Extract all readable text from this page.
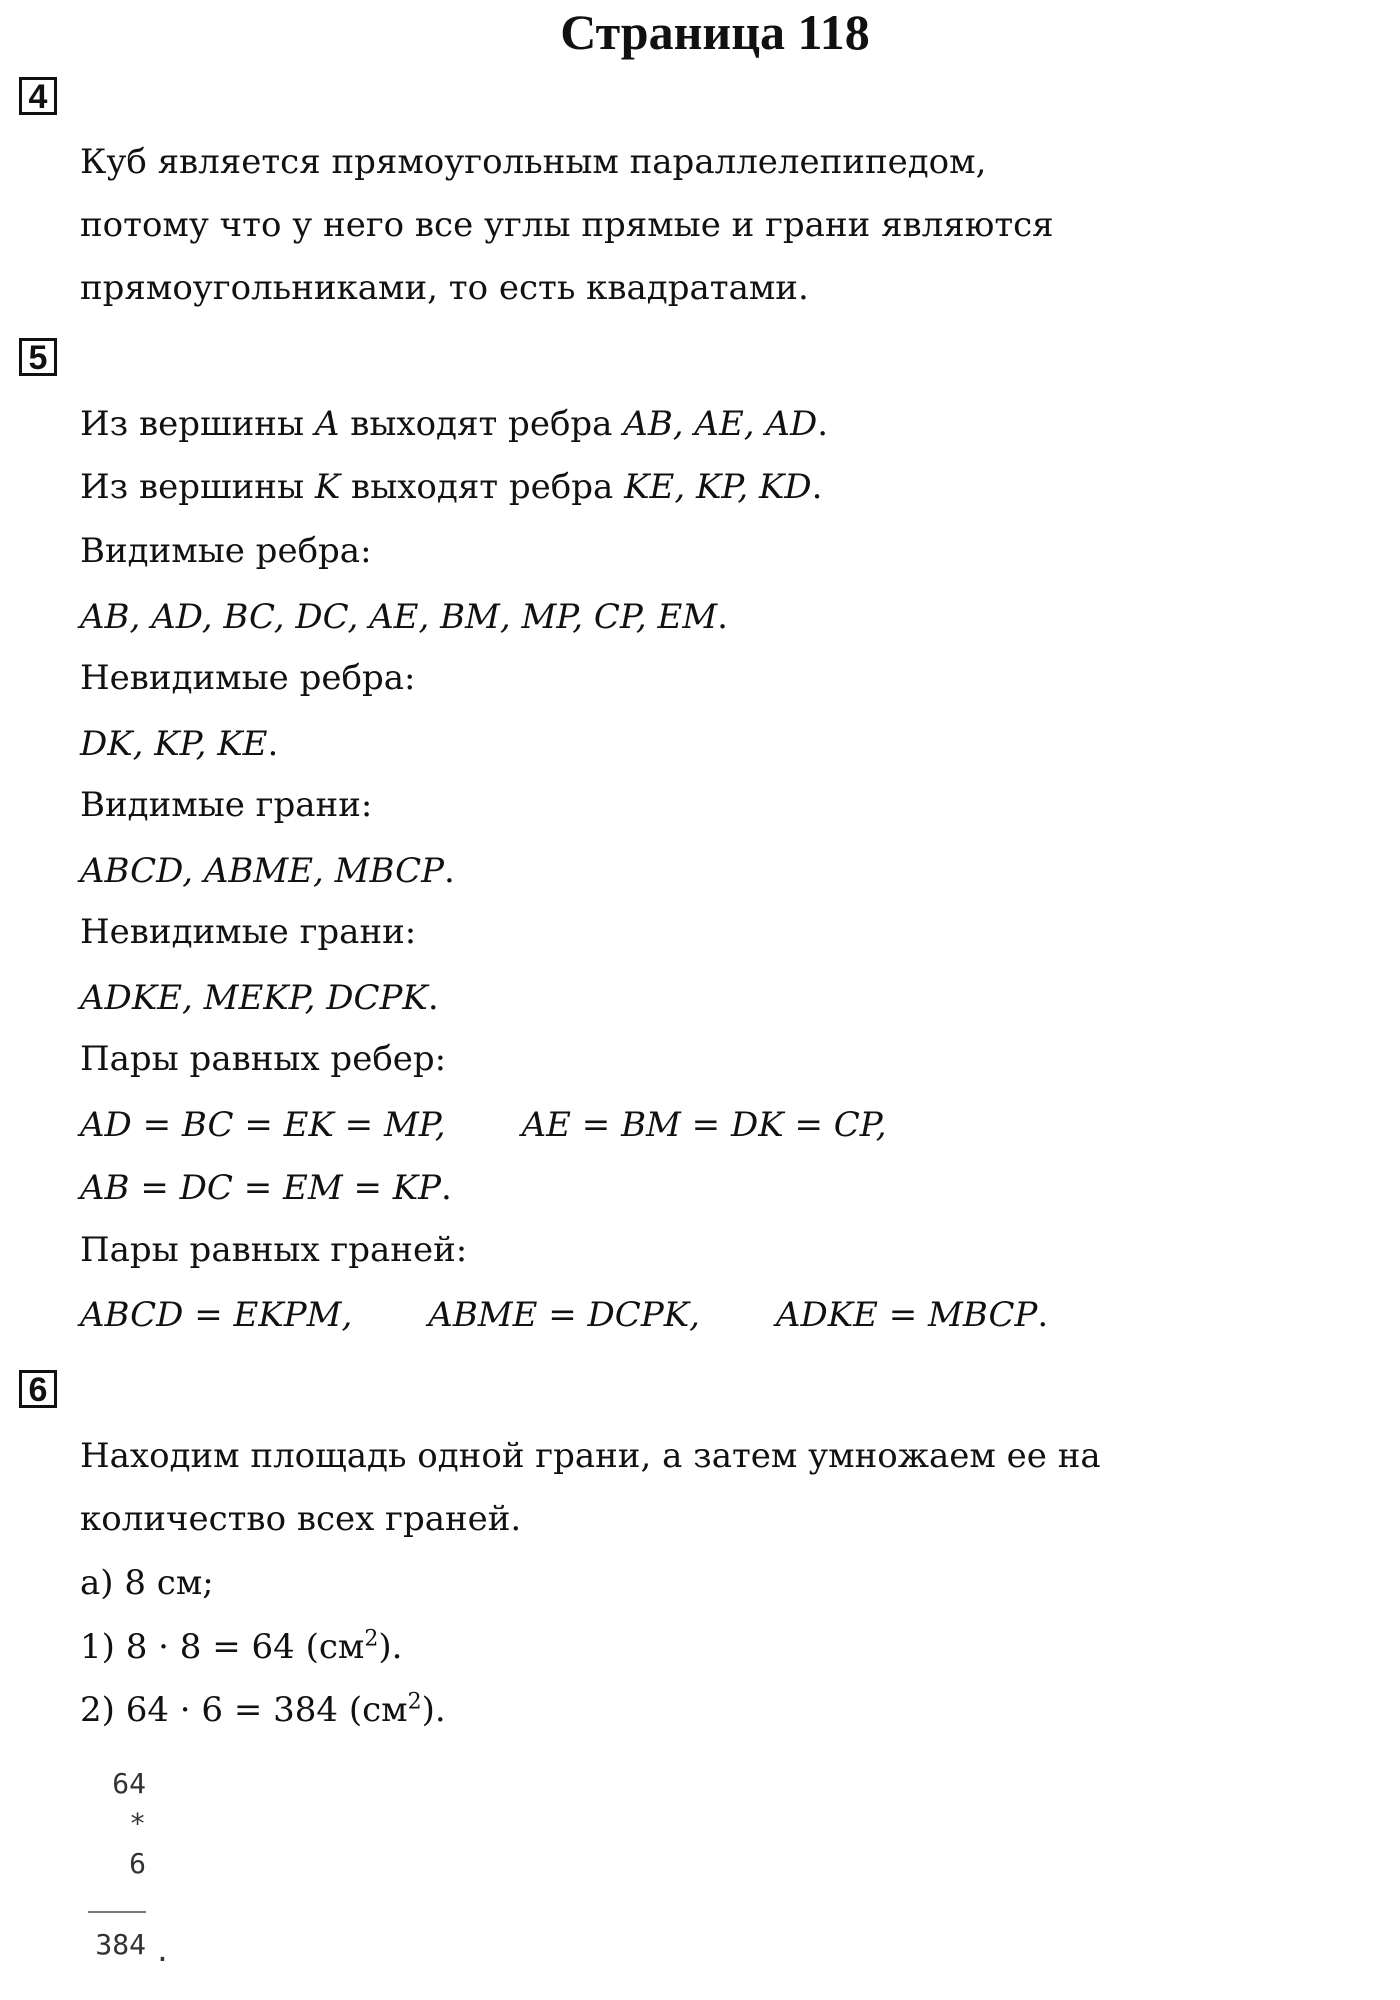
Страница 118
4
Куб является прямоугольным параллелепипедом,
потому что у него все углы прямые и грани являются
прямоугольниками, то есть квадратами.
5
Из вершины A выходят ребра AB, AE, AD.
Из вершины K выходят ребра KE, KP, KD.
Видимые ребра:
AB, AD, BC, DC, AE, BM, MP, CP, EM.
Невидимые ребра:
DK, KP, KE.
Видимые грани:
ABCD, ABME, MBCP.
Невидимые грани:
ADKE, MEKP, DCPK.
Пары равных ребер:
AD = BC = EK = MP, AE = BM = DK = CP,
AB = DC = EM = KP.
Пары равных граней:
ABCD = EKPM, ABME = DCPK, ADKE = MBCP.
6
Находим площадь одной грани, а затем умножаем ее на
количество всех граней.
а) 8 см;
1) 8 · 8 = 64 $(см^2)$.
2) 64 · 6 = 384 $(см^2)$.
64
*
6
384 .
